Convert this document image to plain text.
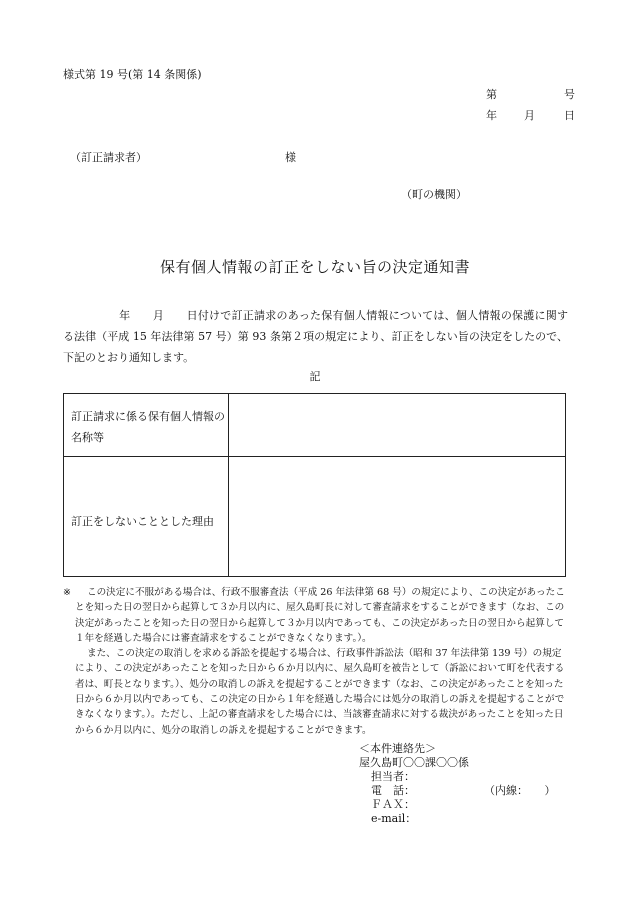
様式第 19 号(第 14 条関係)
第	号
年 月	日
（訂正請求者）	様
（町の機関）
保有個人情報の訂正をしない旨の決定通知書
　　　　　年　　月　　日付けで訂正請求のあった保有個人情報については、個人情報の保護に関する法律（平成 15 年法律第 57 号）第 93 条第２項の規定により、訂正をしない旨の決定をしたので、下記のとおり通知します。
記
訂正請求に係る保有個人情報の名称等
訂正をしないこととした理由
※	この決定に不服がある場合は、行政不服審査法（平成 26 年法律第 68 号）の規定により、この決定があったことを知った日の翌日から起算して３か月以内に、屋久島町長に対して審査請求をすることができます（なお、この決定があったことを知った日の翌日から起算して３か月以内であっても、この決定があった日の翌日から起算して１年を経過した場合には審査請求をすることができなくなります。）。

また、この決定の取消しを求める訴訟を提起する場合は、行政事件訴訟法（昭和 37 年法律第 139 号）の規定により、この決定があったことを知った日から６か月以内に、屋久島町を被告として（訴訟において町を代表する者は、町長となります。）、処分の取消しの訴えを提起することができます（なお、この決定があったことを知った日から６か月以内であっても、この決定の日から１年を経過した場合には処分の取消しの訴えを提起することができなくなります。）。ただし、上記の審査請求をした場合には、当該審査請求に対する裁決があったことを知った日から６か月以内に、処分の取消しの訴えを提起することができます。

＜本件連絡先＞
屋久島町〇〇課〇〇係
担当者：
電　話：	（内線：　　）
ＦＡＸ：
e-mail：
